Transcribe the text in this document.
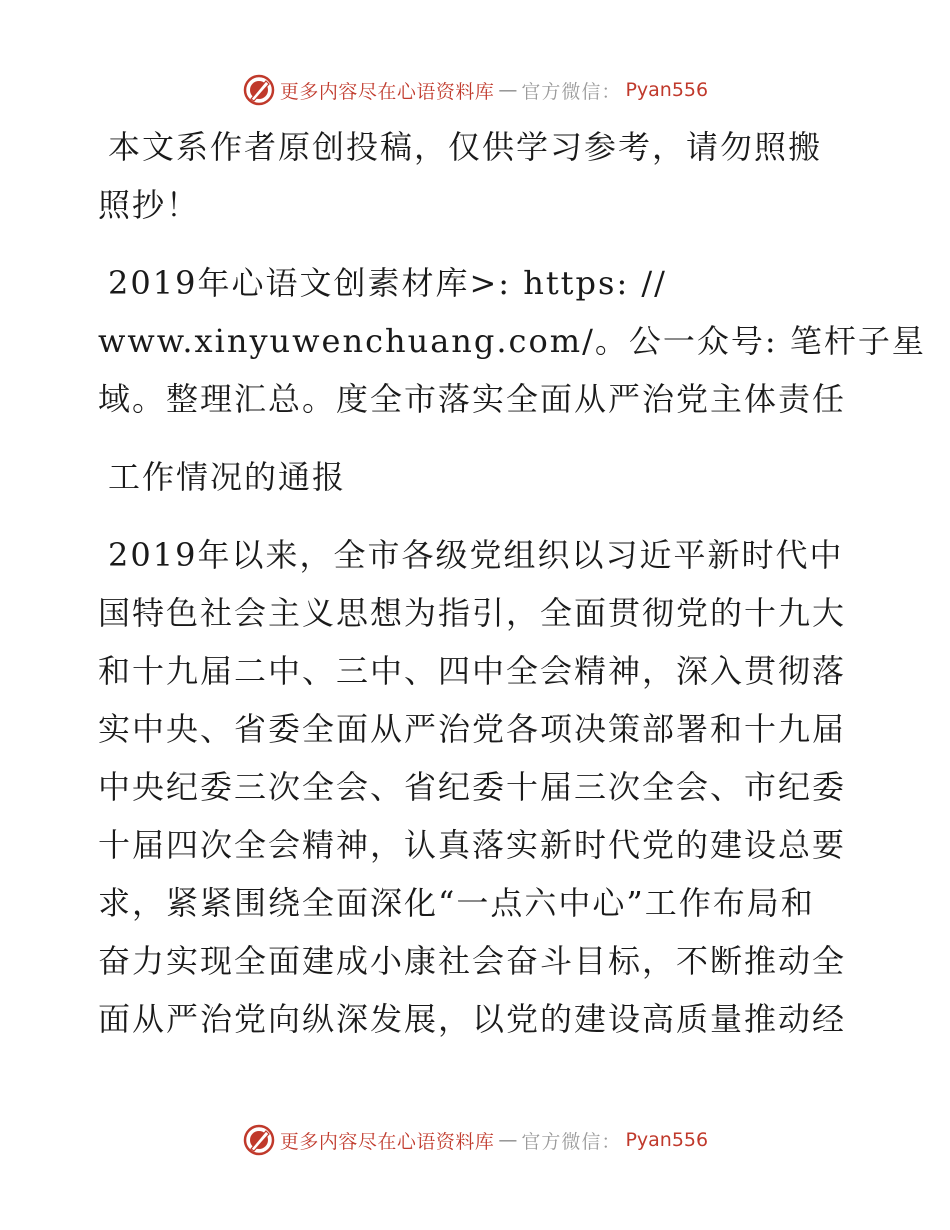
更多内容尽在心语资料库 — 官方微信： Pyan556
本文系作者原创投稿，仅供学习参考，请勿照搬
照抄！
2019年心语文创素材库>: https: //
www.xinyuwenchuang.com/。公一众号: 笔杆子星
域。整理汇总。度全市落实全面从严治党主体责任
工作情况的通报
2019年以来，全市各级党组织以习近平新时代中
国特色社会主义思想为指引，全面贯彻党的十九大
和十九届二中、三中、四中全会精神，深入贯彻落
实中央、省委全面从严治党各项决策部署和十九届
中央纪委三次全会、省纪委十届三次全会、市纪委
十届四次全会精神，认真落实新时代党的建设总要
求，紧紧围绕全面深化“一点六中心”工作布局和
奋力实现全面建成小康社会奋斗目标，不断推动全
面从严治党向纵深发展，以党的建设高质量推动经
更多内容尽在心语资料库 — 官方微信： Pyan556
